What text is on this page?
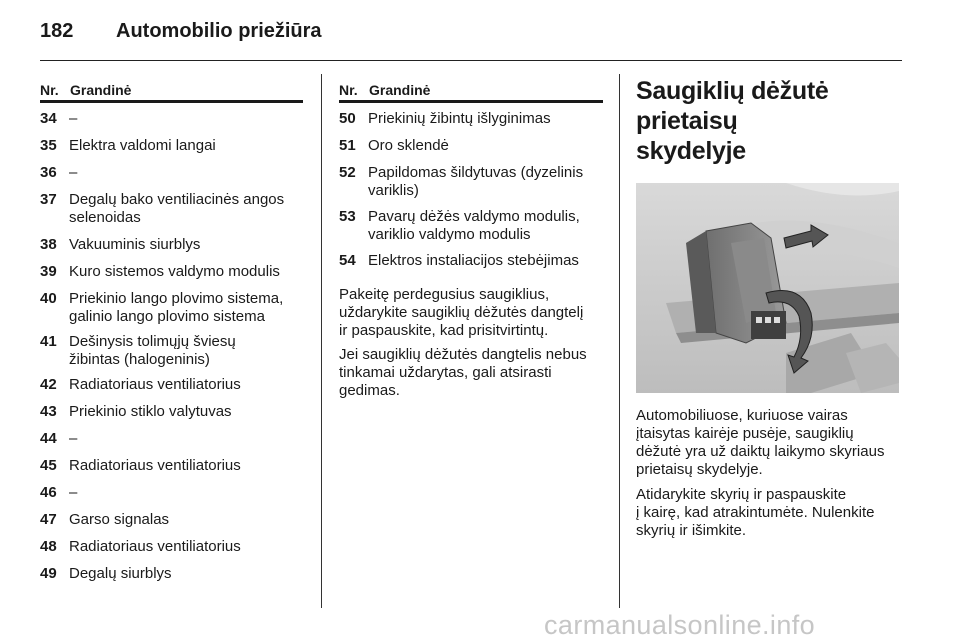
182 Automobilio priežiūra
Nr. Grandinė
34 –
35 Elektra valdomi langai
36 –
37 Degalų bako ventiliacinės angos
selenoidas
38 Vakuuminis siurblys
39 Kuro sistemos valdymo modulis
40 Priekinio lango plovimo sistema,
galinio lango plovimo sistema
41 Dešinysis tolimųjų šviesų
žibintas (halogeninis)
42 Radiatoriaus ventiliatorius
43 Priekinio stiklo valytuvas
44 –
45 Radiatoriaus ventiliatorius
46 –
47 Garso signalas
48 Radiatoriaus ventiliatorius
49 Degalų siurblys
Nr. Grandinė
50 Priekinių žibintų išlyginimas
51 Oro sklendė
52 Papildomas šildytuvas (dyzelinis
variklis)
53 Pavarų dėžės valdymo modulis,
variklio valdymo modulis
54 Elektros instaliacijos stebėjimas
Pakeitę perdegusius saugiklius,
uždarykite saugiklių dėžutės dangtelį
ir paspauskite, kad prisitvirtintų.
Jei saugiklių dėžutės dangtelis nebus
tinkamai uždarytas, gali atsirasti
gedimas.
Saugiklių dėžutė prietaisų
skydelyje
Automobiliuose, kuriuose vairas
įtaisytas kairėje pusėje, saugiklių
dėžutė yra už daiktų laikymo skyriaus
prietaisų skydelyje.
Atidarykite skyrių ir paspauskite
į kairę, kad atrakintumėte. Nulenkite
skyrių ir išimkite.
carmanualsonline.info
